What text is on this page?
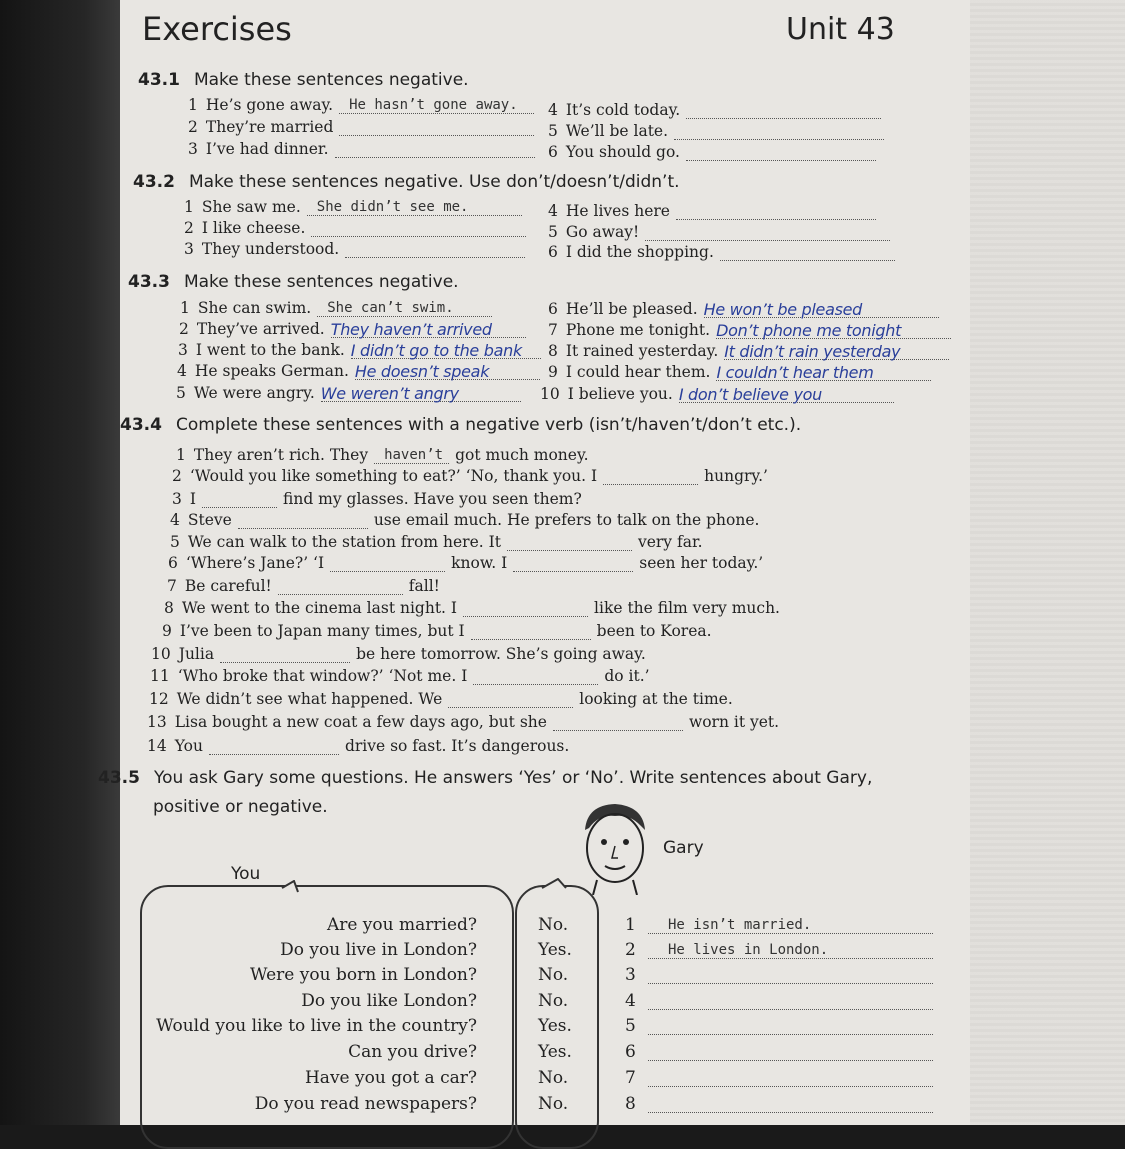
Exercises	Unit 43
43.1 Make these sentences negative.
1 He’s gone away. He hasn’t gone away.
2 They’re married
3 I’ve had dinner.
4 It’s cold today.
5 We’ll be late.
6 You should go.
43.2 Make these sentences negative. Use don’t/doesn’t/didn’t.
1 She saw me. She didn’t see me.
2 I like cheese.
3 They understood.
4 He lives here
5 Go away!
6 I did the shopping.
43.3 Make these sentences negative.
1 She can swim. She can’t swim.
2 They’ve arrived. They haven’t arrived
3 I went to the bank. I didn’t go to the bank
4 He speaks German. He doesn’t speak
5 We were angry. We weren’t angry
6 He’ll be pleased. He won’t be pleased
7 Phone me tonight. Don’t phone me tonight
8 It rained yesterday. It didn’t rain yesterday
9 I could hear them. I couldn’t hear them
10 I believe you. I don’t believe you
43.4 Complete these sentences with a negative verb (isn’t/haven’t/don’t etc.).
1 They aren’t rich. They haven’t got much money.
2 ‘Would you like something to eat?’ ‘No, thank you. I	hungry.’
3 I	find my glasses. Have you seen them?
4 Steve	use email much. He prefers to talk on the phone.
5 We can walk to the station from here. It	very far.
6 ‘Where’s Jane?’ ‘I	know. I	seen her today.’
7 Be careful!	fall!
8 We went to the cinema last night. I	like the film very much.
9 I’ve been to Japan many times, but I	been to Korea.
10 Julia	be here tomorrow. She’s going away.
11 ‘Who broke that window?’ ‘Not me. I	do it.’
12 We didn’t see what happened. We	looking at the time.
13 Lisa bought a new coat a few days ago, but she	worn it yet.
14 You	drive so fast. It’s dangerous.
43.5 You ask Gary some questions. He answers ‘Yes’ or ‘No’. Write sentences about Gary,
positive or negative.
You
Gary
Are you married?	No.	1 He isn’t married.
Do you live in London?	Yes.	2 He lives in London.
Were you born in London?	No.	3
Do you like London?	No.	4
Would you like to live in the country?	Yes.	5
Can you drive?	Yes.	6
Have you got a car?	No.	7
Do you read newspapers?	No.	8
